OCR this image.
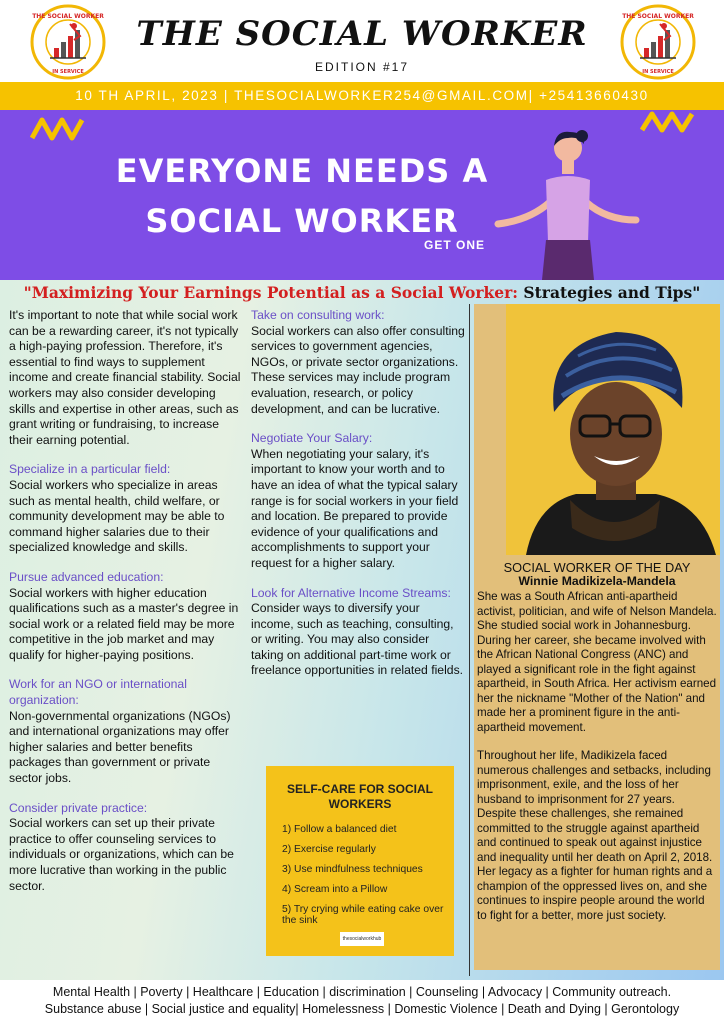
THE SOCIAL WORKER
IN SERVICE
THE SOCIAL WORKER
EDITION #17
THE SOCIAL WORKER
IN SERVICE
10 TH APRIL, 2023 | THESOCIALWORKER254@GMAIL.COM| +25413660430
EVERYONE NEEDS A
SOCIAL WORKER
GET ONE
"Maximizing Your Earnings Potential as a Social Worker: Strategies and Tips"

It's important to note that while social work can be a rewarding career, it's not typically a high-paying profession. Therefore, it's essential to find ways to supplement income and create financial stability. Social workers may also consider developing skills and expertise in other areas, such as grant writing or fundraising, to increase their earning potential.

Specialize in a particular field:

Social workers who specialize in areas such as mental health, child welfare, or community development may be able to command higher salaries due to their specialized knowledge and skills.

Pursue advanced education:

Social workers with higher education qualifications such as a master's degree in social work or a related field may be more competitive in the job market and may qualify for higher-paying positions.

Work for an NGO or international organization:

Non-governmental organizations (NGOs) and international organizations may offer higher salaries and better benefits packages than government or private sector jobs.

Consider private practice:

Social workers can set up their private practice to offer counseling services to individuals or organizations, which can be more lucrative than working in the public sector.

Take on consulting work:

Social workers can also offer consulting services to government agencies, NGOs, or private sector organizations. These services may include program evaluation, research, or policy development, and can be lucrative.

Negotiate Your Salary:

When negotiating your salary, it's important to know your worth and to have an idea of what the typical salary range is for social workers in your field and location. Be prepared to provide evidence of your qualifications and accomplishments to support your request for a higher salary.

Look for Alternative Income Streams:

Consider ways to diversify your income, such as teaching, consulting, or writing. You may also consider taking on additional part-time work or freelance opportunities in related fields.

SELF-CARE FOR SOCIAL WORKERS
1) Follow a balanced diet
2) Exercise regularly
3) Use mindfulness techniques
4) Scream into a Pillow
5) Try crying while eating cake over the sink
thesocialworkhub
SOCIAL WORKER OF THE DAY
Winnie Madikizela-Mandela

She was a South African anti-apartheid activist, politician, and wife of Nelson Mandela. She studied social work in Johannesburg. During her career, she became involved with the African National Congress (ANC) and played a significant role in the fight against apartheid, in South Africa. Her activism earned her the nickname "Mother of the Nation" and made her a prominent figure in the anti-apartheid movement.

Throughout her life, Madikizela faced numerous challenges and setbacks, including imprisonment, exile, and the loss of her husband to imprisonment for 27 years. Despite these challenges, she remained committed to the struggle against apartheid and continued to speak out against injustice and inequality until her death on April 2, 2018. Her legacy as a fighter for human rights and a champion of the oppressed lives on, and she continues to inspire people around the world to fight for a better, more just society.

Mental Health | Poverty | Healthcare | Education | discrimination | Counseling | Advocacy | Community outreach.
Substance abuse | Social justice and equality| Homelessness | Domestic Violence | Death and Dying | Gerontology
